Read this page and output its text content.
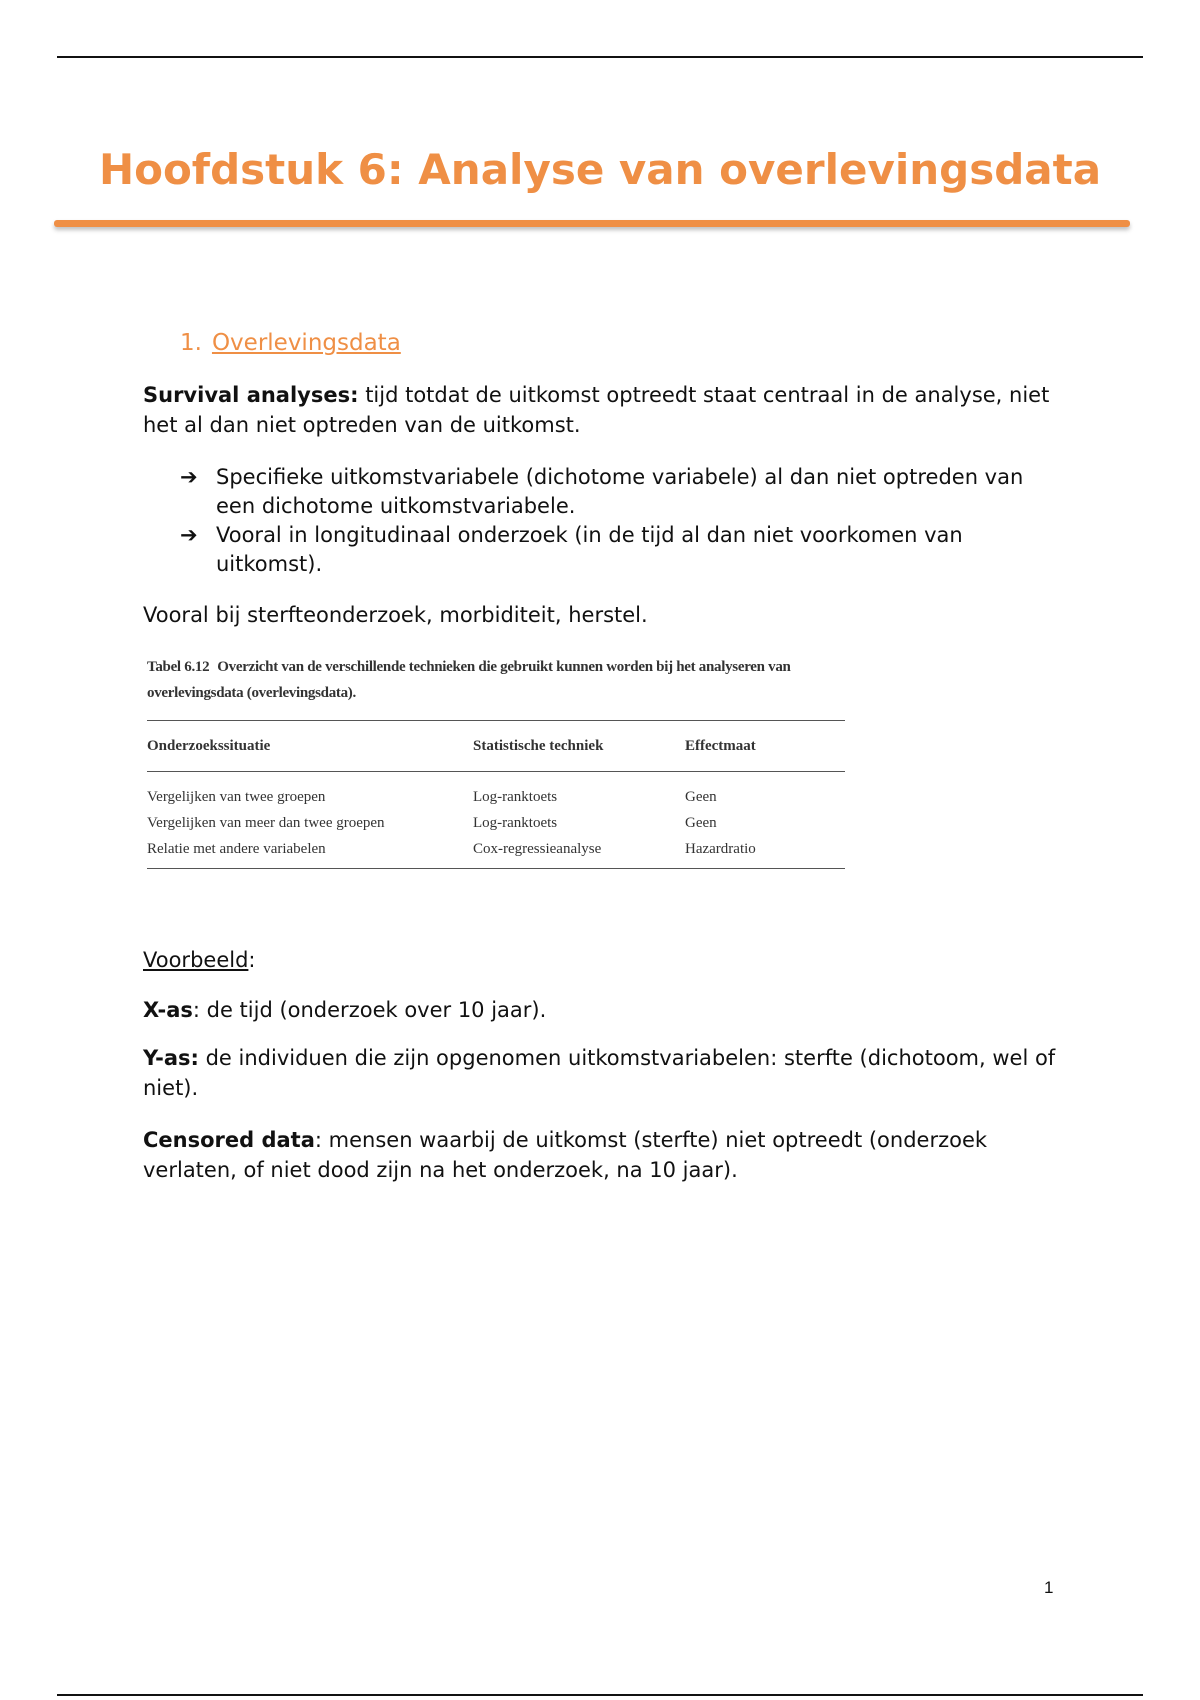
Hoofdstuk 6: Analyse van overlevingsdata
1. Overlevingsdata
Survival analyses: tijd totdat de uitkomst optreedt staat centraal in de analyse, niet het al dan niet optreden van de uitkomst.
➔ Specifieke uitkomstvariabele (dichotome variabele) al dan niet optreden van een dichotome uitkomstvariabele.
➔ Vooral in longitudinaal onderzoek (in de tijd al dan niet voorkomen van uitkomst).
Vooral bij sterfteonderzoek, morbiditeit, herstel.
Tabel 6.12 Overzicht van de verschillende technieken die gebruikt kunnen worden bij het analyseren van overlevingsdata (overlevingsdata).
Onderzoekssituatie	Statistische techniek	Effectmaat
Vergelijken van twee groepen	Log-ranktoets	Geen
Vergelijken van meer dan twee groepen	Log-ranktoets	Geen
Relatie met andere variabelen	Cox-regressieanalyse	Hazardratio
Voorbeeld:
X-as: de tijd (onderzoek over 10 jaar).
Y-as: de individuen die zijn opgenomen uitkomstvariabelen: sterfte (dichotoom, wel of niet).
Censored data: mensen waarbij de uitkomst (sterfte) niet optreedt (onderzoek verlaten, of niet dood zijn na het onderzoek, na 10 jaar).
1
